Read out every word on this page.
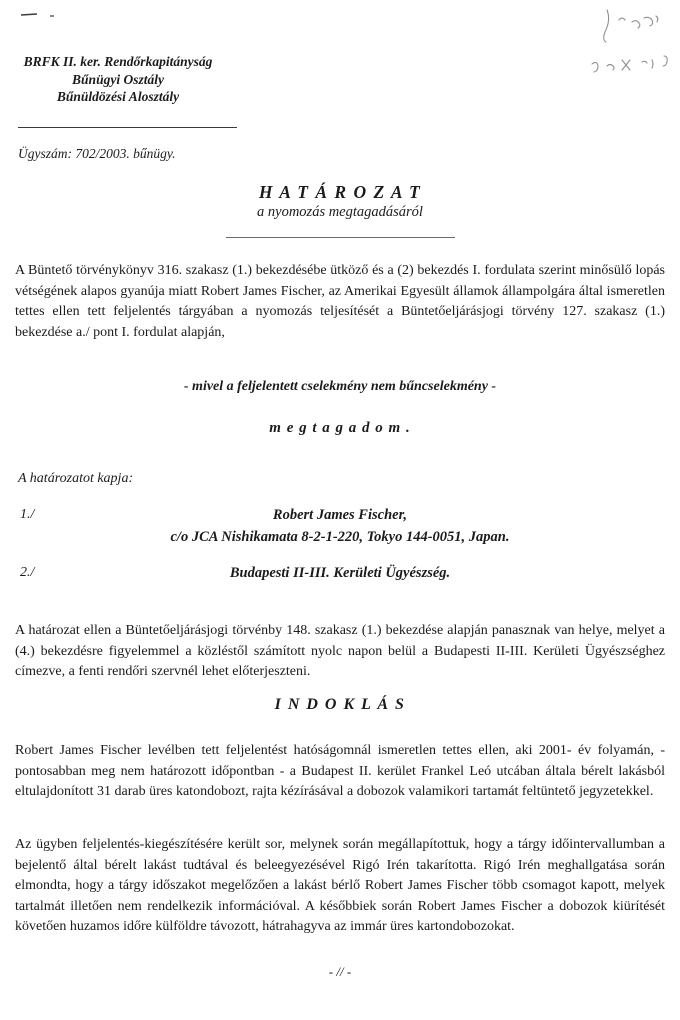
BRFK II. ker. Rendőrkapitányság
Bűnügyi Osztály
Bűnüldözési Alosztály
Ügyszám: 702/2003. bűnügy.
H A T Á R O Z A T
a nyomozás megtagadásáról
A Büntető törvénykönyv 316. szakasz (1.) bekezdésébe ütköző és a (2) bekezdés I. fordulata szerint minősülő lopás vétségének alapos gyanúja miatt Robert James Fischer, az Amerikai Egyesült államok állampolgára által ismeretlen tettes ellen tett feljelentés tárgyában a nyomozás teljesítését a Büntetőeljárásjogi törvény 127. szakasz (1.) bekezdése a./ pont I. fordulat alapján,
- mivel a feljelentett cselekmény nem bűncselekmény -
m e g t a g a d o m .
A határozatot kapja:
1./	Robert James Fischer,
c/o JCA Nishikamata 8-2-1-220, Tokyo 144-0051, Japan.
2./	Budapesti II-III. Kerületi Ügyészség.
A határozat ellen a Büntetőeljárásjogi törvénby 148. szakasz (1.) bekezdése alapján panasznak van helye, melyet a (4.) bekezdésre figyelemmel a közléstől számított nyolc napon belül a Budapesti II-III. Kerületi Ügyészséghez címezve, a fenti rendőri szervnél lehet előterjeszteni.
I N D O K L Á S
Robert James Fischer levélben tett feljelentést hatóságomnál ismeretlen tettes ellen, aki 2001- év folyamán, - pontosabban meg nem határozott időpontban - a Budapest II. kerület Frankel Leó utcában általa bérelt lakásból eltulajdonított 31 darab üres katondobozt, rajta kézírásával a dobozok valamikori tartamát feltüntető jegyzetekkel.
Az ügyben feljelentés-kiegészítésére került sor, melynek során megállapítottuk, hogy a tárgy időintervallumban a bejelentő által bérelt lakást tudtával és beleegyezésével Rigó Irén takarította. Rigó Irén meghallgatása során elmondta, hogy a tárgy időszakot megelőzően a lakást bérlő Robert James Fischer több csomagot kapott, melyek tartalmát illetően nem rendelkezik információval. A későbbiek során Robert James Fischer a dobozok kiürítését követően huzamos időre külföldre távozott, hátrahagyva az immár üres kartondobozokat.
- // -
